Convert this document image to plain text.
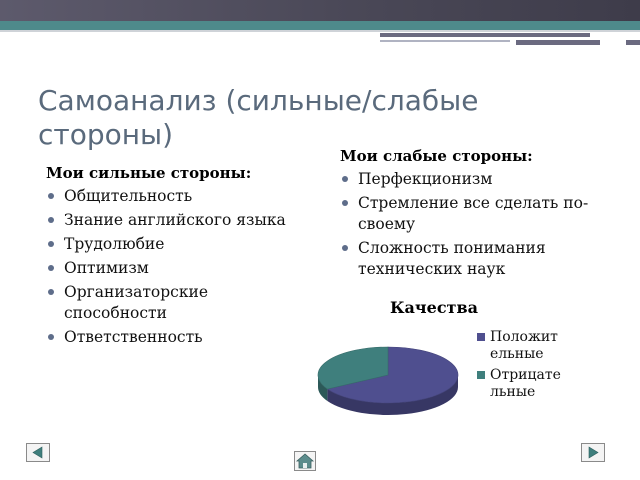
Самоанализ (сильные/слабые стороны)
Мои сильные стороны:
Общительность
Знание английского языка
Трудолюбие
Оптимизм
Организаторские способности
Ответственность
Мои слабые стороны:
Перфекционизм
Стремление все сделать по-своему
Сложность понимания технических наук
Качества
Положит ельные
Отрицате льные
